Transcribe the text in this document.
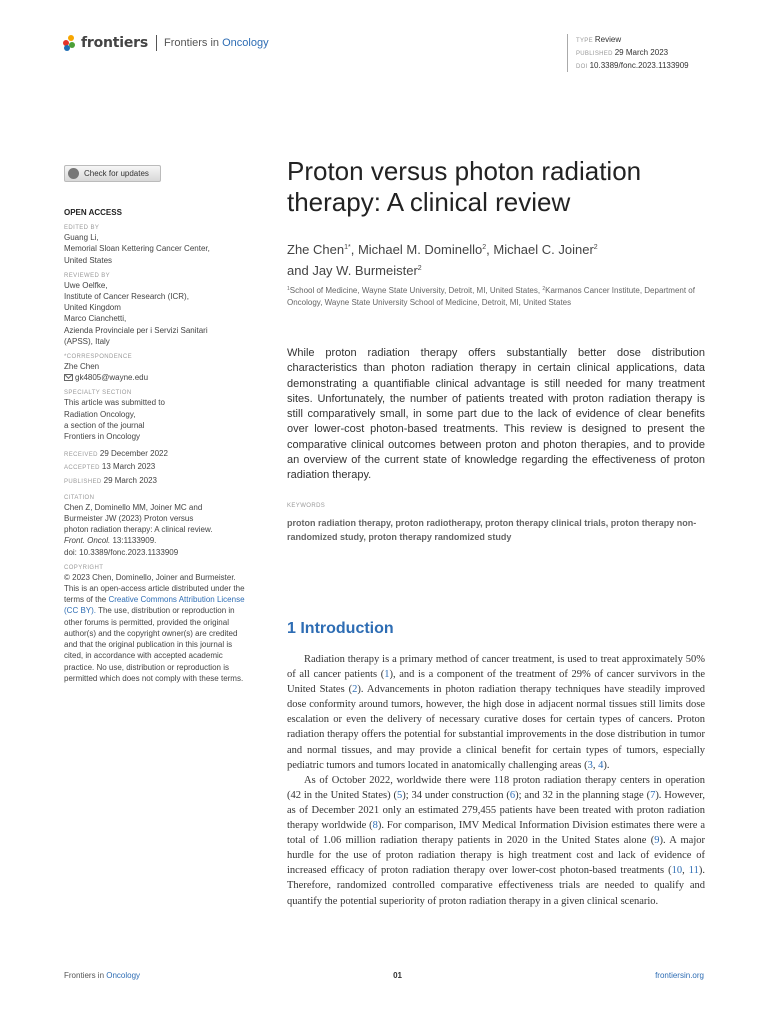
frontiers Frontiers in Oncology	TYPE Review
PUBLISHED 29 March 2023
DOI 10.3389/fonc.2023.1133909
Check for updates
OPEN ACCESS
EDITED BY
Guang Li,
Memorial Sloan Kettering Cancer Center,
United States
REVIEWED BY
Uwe Oelfke,
Institute of Cancer Research (ICR),
United Kingdom
Marco Cianchetti,
Azienda Provinciale per i Servizi Sanitari
(APSS), Italy
*CORRESPONDENCE
Zhe Chen
gk4805@wayne.edu
SPECIALTY SECTION
This article was submitted to
Radiation Oncology,
a section of the journal
Frontiers in Oncology
RECEIVED 29 December 2022
ACCEPTED 13 March 2023
PUBLISHED 29 March 2023
CITATION
Chen Z, Dominello MM, Joiner MC and
Burmeister JW (2023) Proton versus
photon radiation therapy: A clinical review.
Front. Oncol. 13:1133909.
doi: 10.3389/fonc.2023.1133909
COPYRIGHT
© 2023 Chen, Dominello, Joiner and Burmeister. This is an open-access article distributed under the terms of the Creative Commons Attribution License (CC BY). The use, distribution or reproduction in other forums is permitted, provided the original author(s) and the copyright owner(s) are credited and that the original publication in this journal is cited, in accordance with accepted academic practice. No use, distribution or reproduction is permitted which does not comply with these terms.
Proton versus photon radiation therapy: A clinical review
Zhe Chen$^{1*}$, Michael M. Dominello$^2$, Michael C. Joiner$^2$
and Jay W. Burmeister$^2$
$^1$School of Medicine, Wayne State University, Detroit, MI, United States, $^2$Karmanos Cancer Institute, Department of Oncology, Wayne State University School of Medicine, Detroit, MI, United States

While proton radiation therapy offers substantially better dose distribution characteristics than photon radiation therapy in certain clinical applications, data demonstrating a quantifiable clinical advantage is still needed for many treatment sites. Unfortunately, the number of patients treated with proton radiation therapy is still comparatively small, in some part due to the lack of evidence of clear benefits over lower-cost photon-based treatments. This review is designed to present the comparative clinical outcomes between proton and photon therapies, and to provide an overview of the current state of knowledge regarding the effectiveness of proton radiation therapy.

KEYWORDS
proton radiation therapy, proton radiotherapy, proton therapy clinical trials, proton therapy non-randomized study, proton therapy randomized study
1 Introduction

Radiation therapy is a primary method of cancer treatment, is used to treat approximately 50% of all cancer patients (1), and is a component of the treatment of 29% of cancer survivors in the United States (2). Advancements in photon radiation therapy techniques have steadily improved dose conformity around tumors, however, the high dose in adjacent normal tissues still limits dose escalation or even the delivery of necessary curative doses for certain types of cancers. Proton radiation therapy offers the potential for substantial improvements in the dose distribution in tumor and normal tissues, and may provide a clinical benefit for certain types of tumors, especially pediatric tumors and tumors located in anatomically challenging areas (3, 4).

As of October 2022, worldwide there were 118 proton radiation therapy centers in operation (42 in the United States) (5); 34 under construction (6); and 32 in the planning stage (7). However, as of December 2021 only an estimated 279,455 patients have been treated with proton radiation therapy worldwide (8). For comparison, IMV Medical Information Division estimates there were a total of 1.06 million radiation therapy patients in 2020 in the United States alone (9). A major hurdle for the use of proton radiation therapy is high treatment cost and lack of evidence of increased efficacy of proton radiation therapy over lower-cost photon-based treatments (10, 11). Therefore, randomized controlled comparative effectiveness trials are needed to qualify and quantify the potential superiority of proton radiation therapy in a given clinical scenario.

Frontiers in Oncology	01	frontiersin.org
